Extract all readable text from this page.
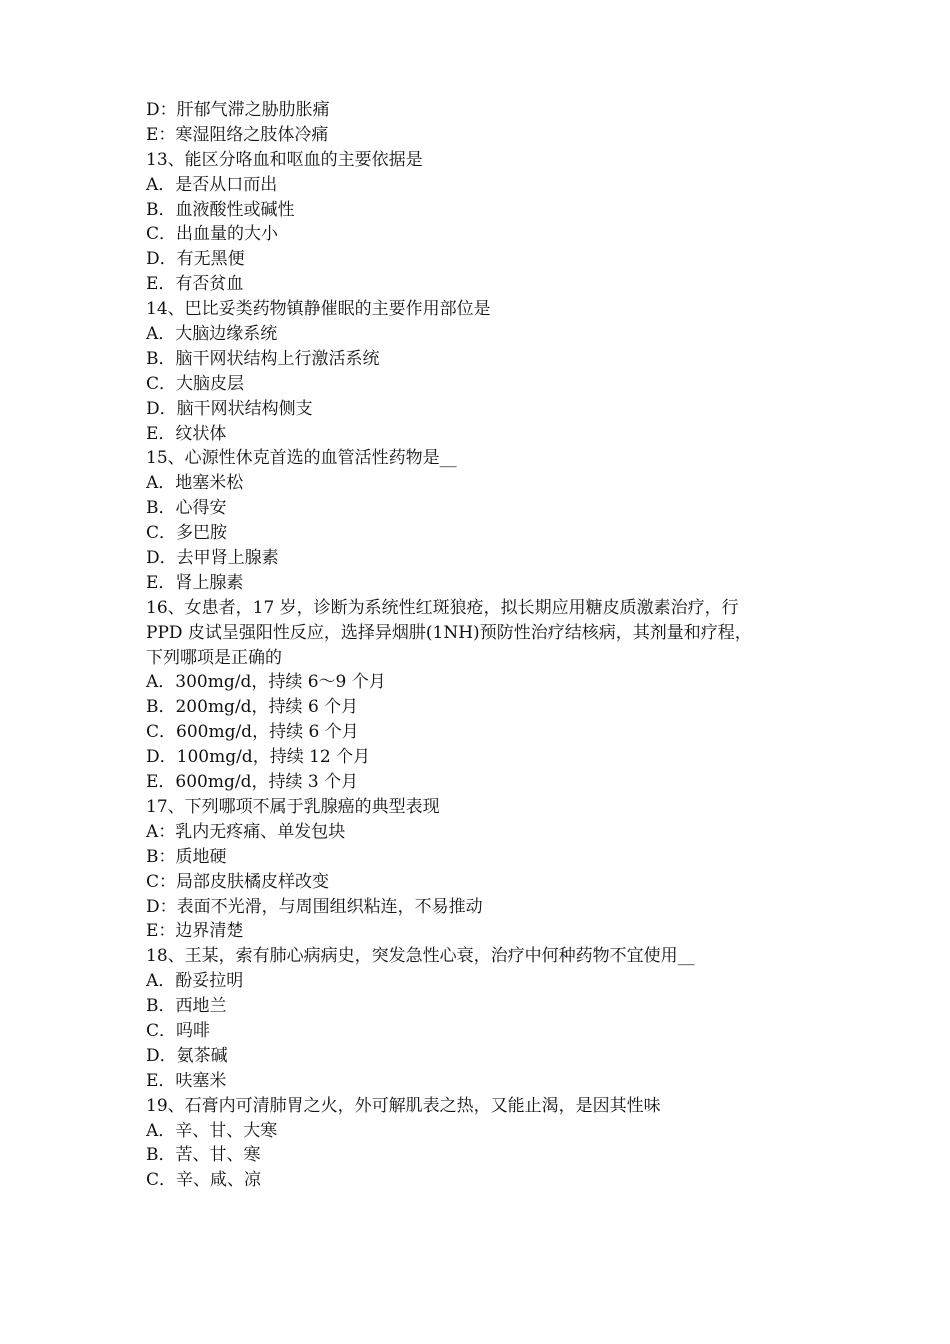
D：肝郁气滞之胁肋胀痛
E：寒湿阻络之肢体冷痛
13、能区分咯血和呕血的主要依据是
A．是否从口而出
B．血液酸性或碱性
C．出血量的大小
D．有无黑便
E．有否贫血
14、巴比妥类药物镇静催眠的主要作用部位是
A．大脑边缘系统
B．脑干网状结构上行激活系统
C．大脑皮层
D．脑干网状结构侧支
E．纹状体
15、心源性休克首选的血管活性药物是__
A．地塞米松
B．心得安
C．多巴胺
D．去甲肾上腺素
E．肾上腺素
16、女患者，17 岁，诊断为系统性红斑狼疮，拟长期应用糖皮质激素治疗，行
PPD 皮试呈强阳性反应，选择异烟肼(1NH)预防性治疗结核病，其剂量和疗程，
下列哪项是正确的
A．300mg/d，持续 6～9 个月
B．200mg/d，持续 6 个月
C．600mg/d，持续 6 个月
D．100mg/d，持续 12 个月
E．600mg/d，持续 3 个月
17、下列哪项不属于乳腺癌的典型表现
A：乳内无疼痛、单发包块
B：质地硬
C：局部皮肤橘皮样改变
D：表面不光滑，与周围组织粘连，不易推动
E：边界清楚
18、王某，索有肺心病病史，突发急性心衰，治疗中何种药物不宜使用__
A．酚妥拉明
B．西地兰
C．吗啡
D．氨茶碱
E．呋塞米
19、石膏内可清肺胃之火，外可解肌表之热，又能止渴，是因其性味
A．辛、甘、大寒
B．苦、甘、寒
C．辛、咸、凉
